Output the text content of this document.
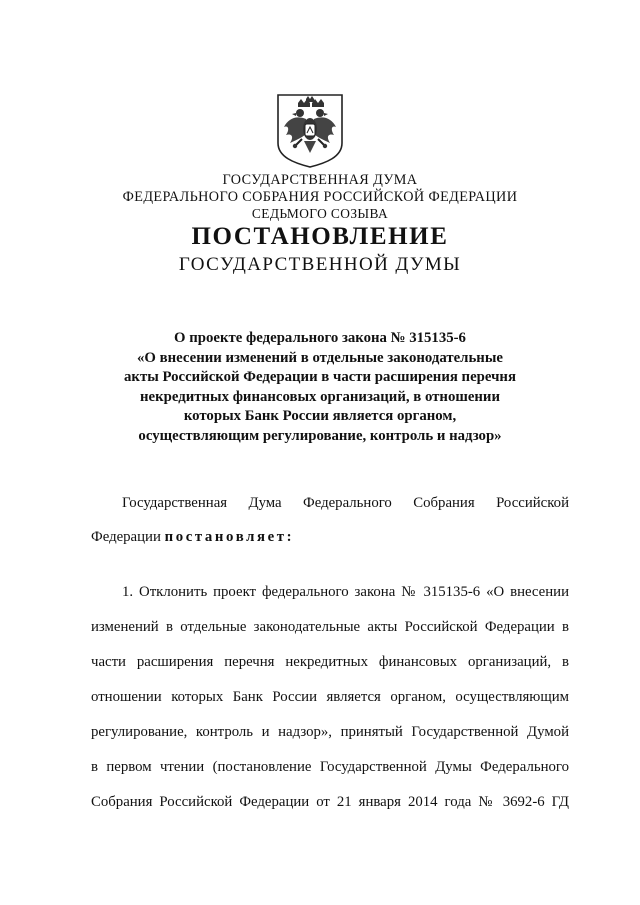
ГОСУДАРСТВЕННАЯ ДУМА
ФЕДЕРАЛЬНОГО СОБРАНИЯ РОССИЙСКОЙ ФЕДЕРАЦИИ
СЕДЬМОГО СОЗЫВА
ПОСТАНОВЛЕНИЕ
ГОСУДАРСТВЕННОЙ ДУМЫ
О проекте федерального закона № 315135-6
«О внесении изменений в отдельные законодательные
акты Российской Федерации в части расширения перечня
некредитных финансовых организаций, в отношении
которых Банк России является органом,
осуществляющим регулирование, контроль и надзор»
Государственная Дума Федерального Собрания Российской
Федерации постановляет:
1. Отклонить проект федерального закона № 315135-6 «О внесении
изменений в отдельные законодательные акты Российской Федерации в
части расширения перечня некредитных финансовых организаций, в
отношении которых Банк России является органом, осуществляющим
регулирование, контроль и надзор», принятый Государственной Думой
в первом чтении (постановление Государственной Думы Федерального
Собрания Российской Федерации от 21 января 2014 года № 3692-6 ГД
